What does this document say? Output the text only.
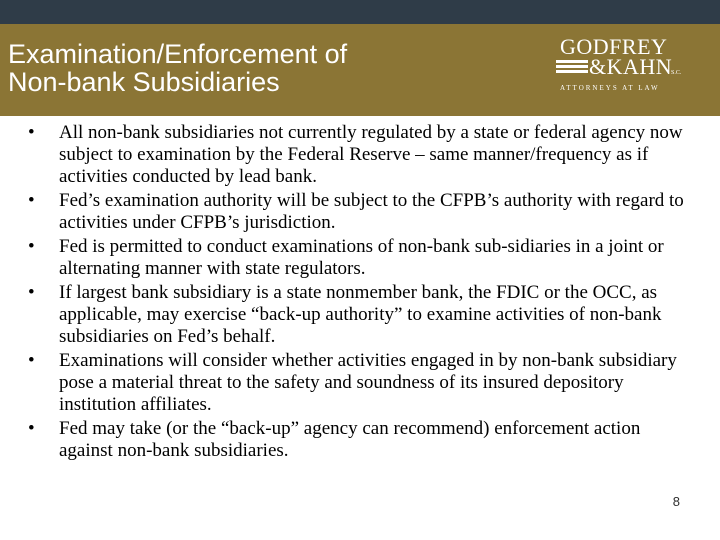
Examination/Enforcement of
Non-bank Subsidiaries
GODFREY
&KAHN
S.C.
ATTORNEYS AT LAW
• All non-bank subsidiaries not currently regulated by a state or federal agency now subject to examination by the Federal Reserve – same manner/frequency as if activities conducted by lead bank.
• Fed’s examination authority will be subject to the CFPB’s authority with regard to activities under CFPB’s jurisdiction.
• Fed is permitted to conduct examinations of non-bank sub-sidiaries in a joint or alternating manner with state regulators.
• If largest bank subsidiary is a state nonmember bank, the FDIC or the OCC, as applicable, may exercise “back-up authority” to examine activities of non-bank subsidiaries on Fed’s behalf.
• Examinations will consider whether activities engaged in by non-bank subsidiary pose a material threat to the safety and soundness of its insured depository institution affiliates.
• Fed may take (or the “back-up” agency can recommend) enforcement action against non-bank subsidiaries.
8
